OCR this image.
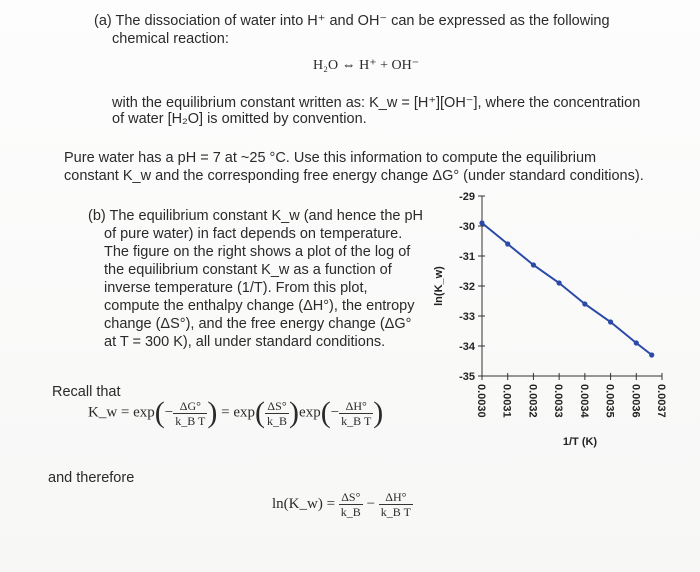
(a) The dissociation of water into H⁺ and OH⁻ can be expressed as the following
chemical reaction:
H₂O ⇔ H⁺ + OH⁻
with the equilibrium constant written as: K_w = [H⁺][OH⁻], where the concentration
of water [H₂O] is omitted by convention.
Pure water has a pH = 7 at ~25 °C. Use this information to compute the equilibrium
constant K_w and the corresponding free energy change ΔG° (under standard conditions).
(b) The equilibrium constant K_w (and hence the pH
of pure water) in fact depends on temperature.
The figure on the right shows a plot of the log of
the equilibrium constant K_w as a function of
inverse temperature (1/T). From this plot,
compute the enthalpy change (ΔH°), the entropy
change (ΔS°), and the free energy change (ΔG°
at T = 300 K), all under standard conditions.
Recall that
K_w = $\exp(- \frac{\Delta G^\circ}{\text{k\_B T}}$ ) = $\exp( \frac{\Delta S^\circ}{k\_B} )\exp(- \frac{\Delta H^\circ}{\text{k\_B T}}$ )
and therefore
ln(K_w) = $\frac{\Delta S^\circ}{k\_B} - \frac{\Delta H^\circ}{\text{k\_B T}}$
-29
-30
-31
-32
-33
-34
-35
0.0030 0.0031 0.0032 0.0033 0.0034 0.0035 0.0036 0.0037
ln(K_w)
1/T (K)
